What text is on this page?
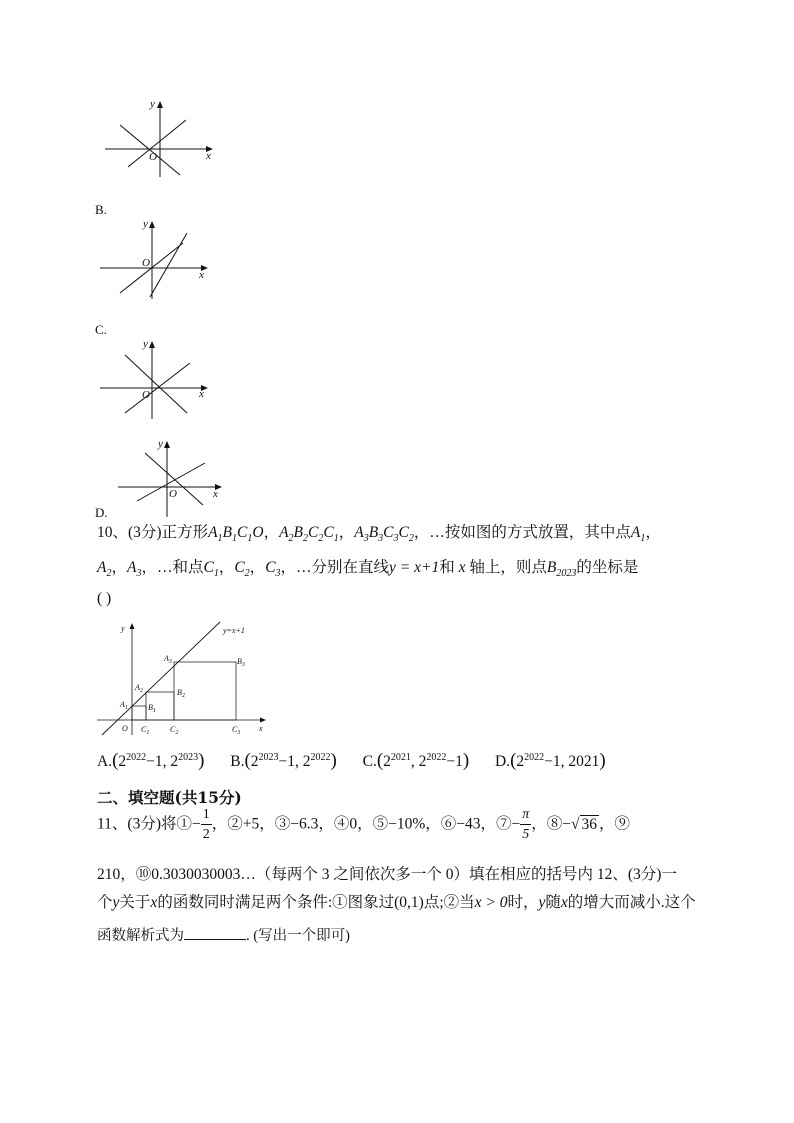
y
x
O
B.
y
x
O
C.
y
x
O
y
x
O
D.
10、(3分)正方形$A_1B_1C_1O$，$A_2B_2C_2C_1$，$A_3B_3C_3C_2$，…按如图的方式放置，其中点$A_1$，
$A_2$，$A_3$，…和点$C_1$，$C_2$，$C_3$，…分别在直线y = x+1和 x 轴上，则点$B_{2023}$的坐标是
( )
y=x+1
y
x
O
$A_1$
$A_2$
$A_3$
$B_1$
$B_2$
$B_3$
$C_1$	$C_2$	$C_3$
$A.(2^{2022}-1$, $2^{2023}$) $B.(2^{2023}-1$, $2^{2022}$) $C.(2^{2021}$, $2^{2022}-1$) $D.(2^{2022}-1$, 2021)
二、填空题(共15分)
11、(3分)将①− $\frac{1}{2}$ ，②+5，③−6.3，④0，⑤−10%，⑥−43，⑦− $\frac{\pi}{5}$ ，⑧−√ 36 ，⑨
210，⑩0.3030030003…（每两个 3 之间依次多一个 0）填在相应的括号内 12、(3分)一
个y关于x的函数同时满足两个条件:①图象过(0,1)点;②当x > 0时，y随x的增大而减小.这个
函数解析式为	. (写出一个即可)
